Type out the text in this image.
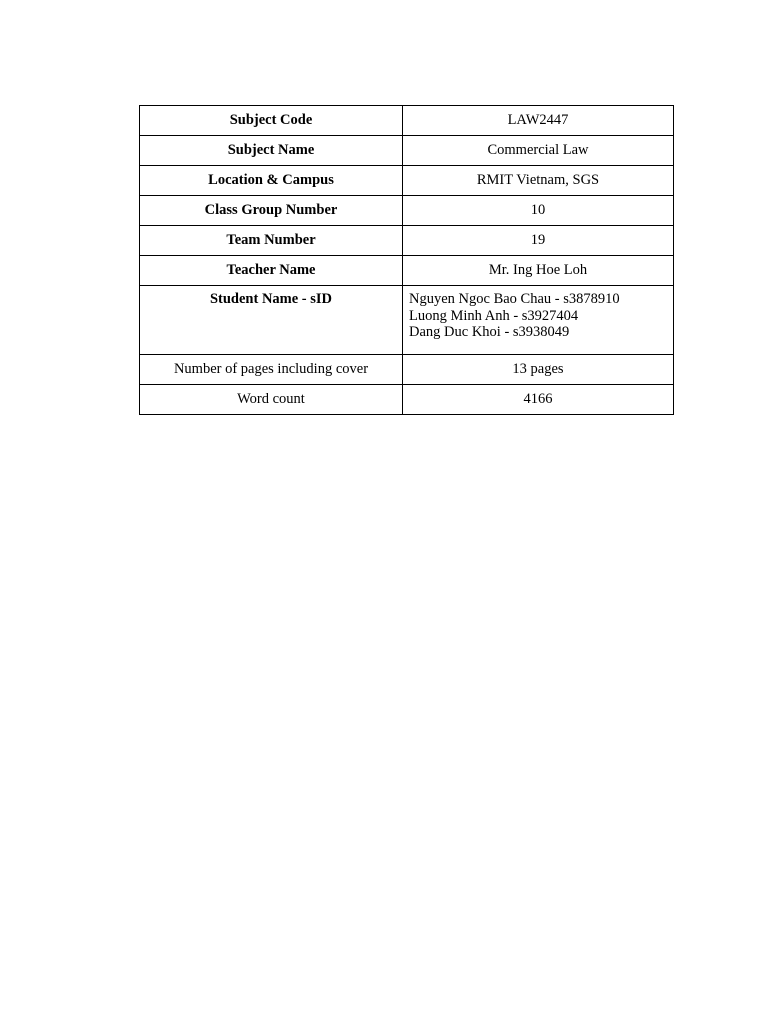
Subject Code	LAW2447
Subject Name	Commercial Law
Location & Campus	RMIT Vietnam, SGS
Class Group Number	10
Team Number	19
Teacher Name	Mr. Ing Hoe Loh
Student Name - sID	Nguyen Ngoc Bao Chau - s3878910
Luong Minh Anh - s3927404
Dang Duc Khoi - s3938049

Number of pages including cover	13 pages
Word count	4166
